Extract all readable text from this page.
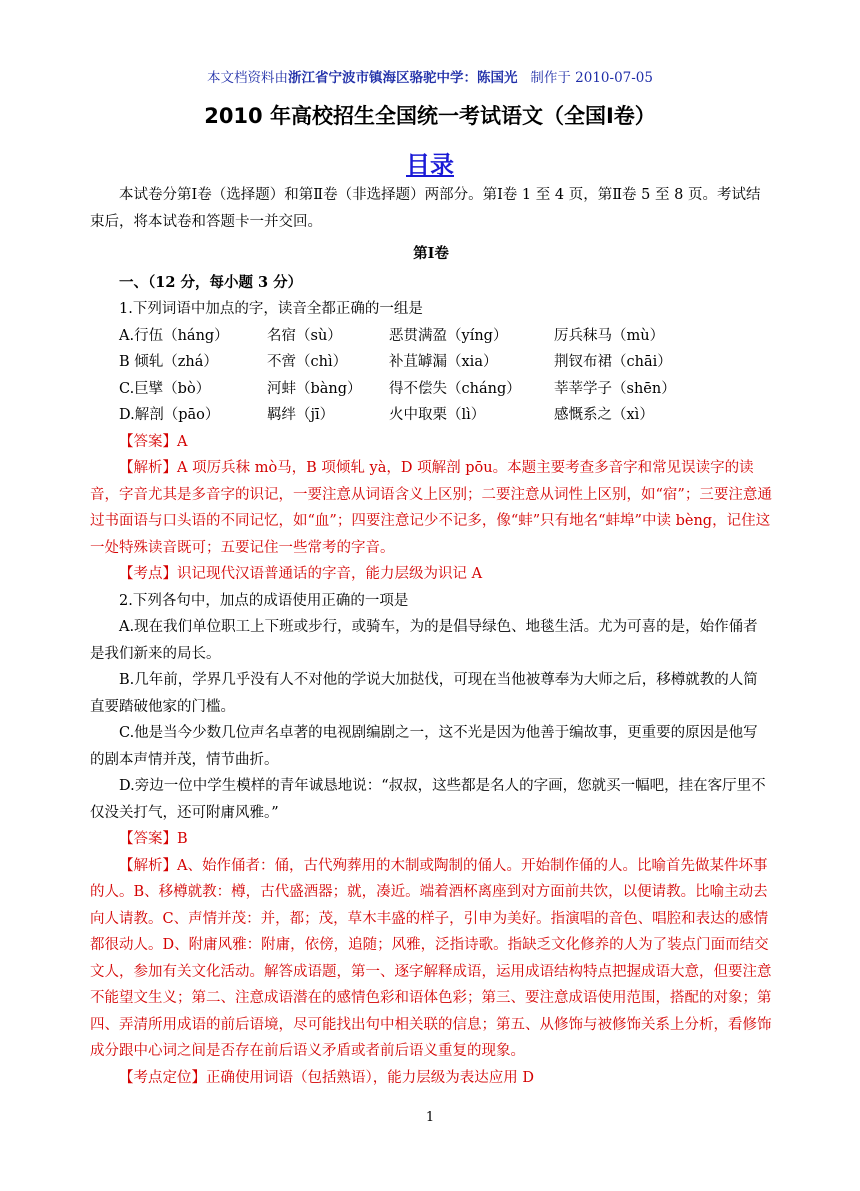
本文档资料由浙江省宁波市镇海区骆驼中学：陈国光 制作于 2010-07-05
2010 年高校招生全国统一考试语文（全国Ⅰ卷）
目录

本试卷分第Ⅰ卷（选择题）和第Ⅱ卷（非选择题）两部分。第Ⅰ卷 1 至 4 页，第Ⅱ卷 5 至 8 页。考试结束后，将本试卷和答题卡一并交回。

第Ⅰ卷

一、（12 分，每小题 3 分）

1.下列词语中加点的字，读音全都正确的一组是

A.行伍（háng）	名宿（sù）	恶贯满盈（yíng）	厉兵秣马（mù）
B 倾轧（zhá）	不啻（chì）	补苴罅漏（xia）	荆钗布裙（chāi）
C.巨擘（bò）	河蚌（bàng）	得不偿失（cháng）	莘莘学子（shēn）
D.解剖（pāo）	羁绊（jī）	火中取栗（lì）	感慨系之（xì）

【答案】A

【解析】A 项厉兵秣 mò马，B 项倾轧 yà，D 项解剖 pōu。本题主要考查多音字和常见误读字的读音，字音尤其是多音字的识记，一要注意从词语含义上区别；二要注意从词性上区别，如“宿”；三要注意通过书面语与口头语的不同记忆，如“血”；四要注意记少不记多，像“蚌”只有地名“蚌埠”中读 bèng，记住这一处特殊读音既可；五要记住一些常考的字音。

【考点】识记现代汉语普通话的字音，能力层级为识记 A

2.下列各句中，加点的成语使用正确的一项是

A.现在我们单位职工上下班或步行，或骑车，为的是倡导绿色、地毯生活。尤为可喜的是，始作俑者是我们新来的局长。

B.几年前，学界几乎没有人不对他的学说大加挞伐，可现在当他被尊奉为大师之后，移樽就教的人简直要踏破他家的门槛。

C.他是当今少数几位声名卓著的电视剧编剧之一，这不光是因为他善于编故事，更重要的原因是他写的剧本声情并茂，情节曲折。

D.旁边一位中学生模样的青年诚恳地说：“叔叔，这些都是名人的字画，您就买一幅吧，挂在客厅里不仅没关打气，还可附庸风雅。”

【答案】B

【解析】A、始作俑者：俑，古代殉葬用的木制或陶制的俑人。开始制作俑的人。比喻首先做某件坏事的人。B、移樽就教：樽，古代盛酒器；就，凑近。端着酒杯离座到对方面前共饮，以便请教。比喻主动去向人请教。C、声情并茂：并，都；茂，草木丰盛的样子，引申为美好。指演唱的音色、唱腔和表达的感情都很动人。D、附庸风雅：附庸，依傍，追随；风雅，泛指诗歌。指缺乏文化修养的人为了装点门面而结交文人，参加有关文化活动。解答成语题，第一、逐字解释成语，运用成语结构特点把握成语大意，但要注意不能望文生义；第二、注意成语潜在的感情色彩和语体色彩；第三、要注意成语使用范围，搭配的对象；第四、弄清所用成语的前后语境，尽可能找出句中相关联的信息；第五、从修饰与被修饰关系上分析，看修饰成分跟中心词之间是否存在前后语义矛盾或者前后语义重复的现象。

【考点定位】正确使用词语（包括熟语），能力层级为表达应用 D

1
